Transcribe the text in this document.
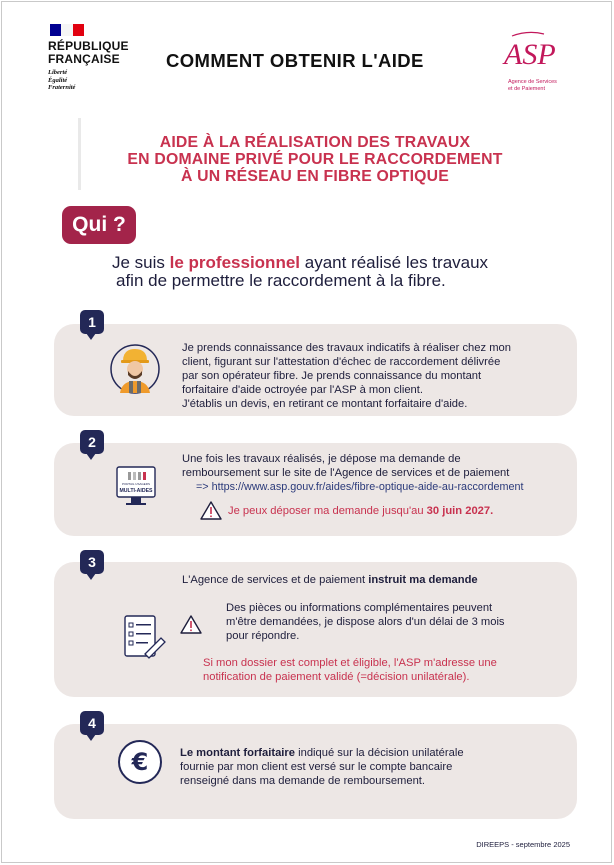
RÉPUBLIQUE
FRANÇAISE
Liberté
Égalité
Fraternité
COMMENT OBTENIR L'AIDE	ASP
Agence de Services
et de Paiement
AIDE À LA RÉALISATION DES TRAVAUX
EN DOMAINE PRIVÉ POUR LE RACCORDEMENT
À UN RÉSEAU EN FIBRE OPTIQUE
Qui ?
Je suis le professionnel ayant réalisé les travaux
afin de permettre le raccordement à la fibre.
1
Je prends connaissance des travaux indicatifs à réaliser chez mon
client, figurant sur l'attestation d'échec de raccordement délivrée
par son opérateur fibre. Je prends connaissance du montant
forfaitaire d'aide octroyée par l'ASP à mon client.
J'établis un devis, en retirant ce montant forfaitaire d'aide.
2
PORTAIL USAGERS
MULTI-AIDES
Une fois les travaux réalisés, je dépose ma demande de
remboursement sur le site de l'Agence de services et de paiement
=> https://www.asp.gouv.fr/aides/fibre-optique-aide-au-raccordement
Je peux déposer ma demande jusqu'au 30 juin 2027.
3
L'Agence de services et de paiement instruit ma demande
Des pièces ou informations complémentaires peuvent
m'être demandées, je dispose alors d'un délai de 3 mois
pour répondre.
Si mon dossier est complet et éligible, l'ASP m'adresse une
notification de paiement validé (=décision unilatérale).
4
€	Le montant forfaitaire indiqué sur la décision unilatérale
fournie par mon client est versé sur le compte bancaire
renseigné dans ma demande de remboursement.
DIREEPS - septembre 2025
